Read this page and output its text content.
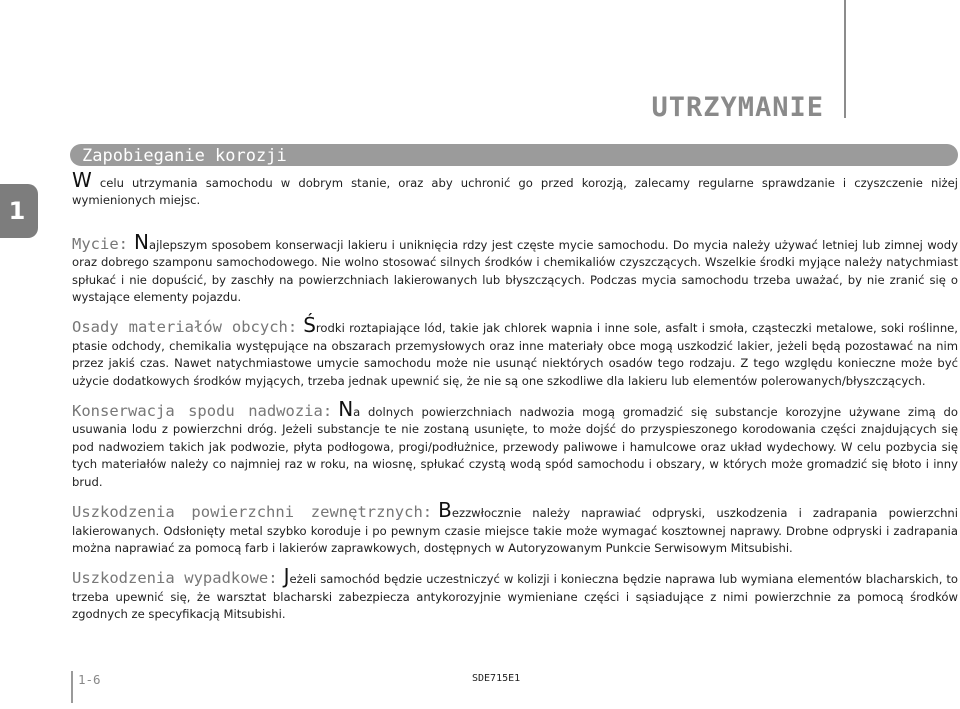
UTRZYMANIE
Zapobieganie korozji
1

W celu utrzymania samochodu w dobrym stanie, oraz aby uchronić go przed korozją, zalecamy regularne sprawdzanie i czyszczenie niżej wymienionych miejsc.

Mycie: Najlepszym sposobem konserwacji lakieru i uniknięcia rdzy jest częste mycie samochodu. Do mycia należy używać letniej lub zimnej wody oraz dobrego szamponu samochodowego. Nie wolno stosować silnych środków i chemikaliów czyszczących. Wszelkie środki myjące należy natychmiast spłukać i nie dopuścić, by zaschły na powierzchniach lakierowanych lub błyszczących. Podczas mycia samochodu trzeba uważać, by nie zranić się o wystające elementy pojazdu.

Osady materiałów obcych: Środki roztapiające lód, takie jak chlorek wapnia i inne sole, asfalt i smoła, cząsteczki metalowe, soki roślinne, ptasie odchody, chemikalia występujące na obszarach przemysłowych oraz inne materiały obce mogą uszkodzić lakier, jeżeli będą pozostawać na nim przez jakiś czas. Nawet natychmiastowe umycie samochodu może nie usunąć niektórych osadów tego rodzaju. Z tego względu konieczne może być użycie dodatkowych środków myjących, trzeba jednak upewnić się, że nie są one szkodliwe dla lakieru lub elementów polerowanych/błyszczących.

Konserwacja spodu nadwozia: Na dolnych powierzchniach nadwozia mogą gromadzić się substancje korozyjne używane zimą do usuwania lodu z powierzchni dróg. Jeżeli substancje te nie zostaną usunięte, to może dojść do przyspieszonego korodowania części znajdujących się pod nadwoziem takich jak podwozie, płyta podłogowa, progi/podłużnice, przewody paliwowe i hamulcowe oraz układ wydechowy. W celu pozbycia się tych materiałów należy co najmniej raz w roku, na wiosnę, spłukać czystą wodą spód samochodu i obszary, w których może gromadzić się błoto i inny brud.

Uszkodzenia powierzchni zewnętrznych: Bezzwłocznie należy naprawiać odpryski, uszkodzenia i zadrapania powierzchni lakierowanych. Odsłonięty metal szybko koroduje i po pewnym czasie miejsce takie może wymagać kosztownej naprawy. Drobne odpryski i zadrapania można naprawiać za pomocą farb i lakierów zaprawkowych, dostępnych w Autoryzowanym Punkcie Serwisowym Mitsubishi.

Uszkodzenia wypadkowe: Jeżeli samochód będzie uczestniczyć w kolizji i konieczna będzie naprawa lub wymiana elementów blacharskich, to trzeba upewnić się, że warsztat blacharski zabezpiecza antykorozyjnie wymieniane części i sąsiadujące z nimi powierzchnie za pomocą środków zgodnych ze specyfikacją Mitsubishi.

1-6	SDE715E1
